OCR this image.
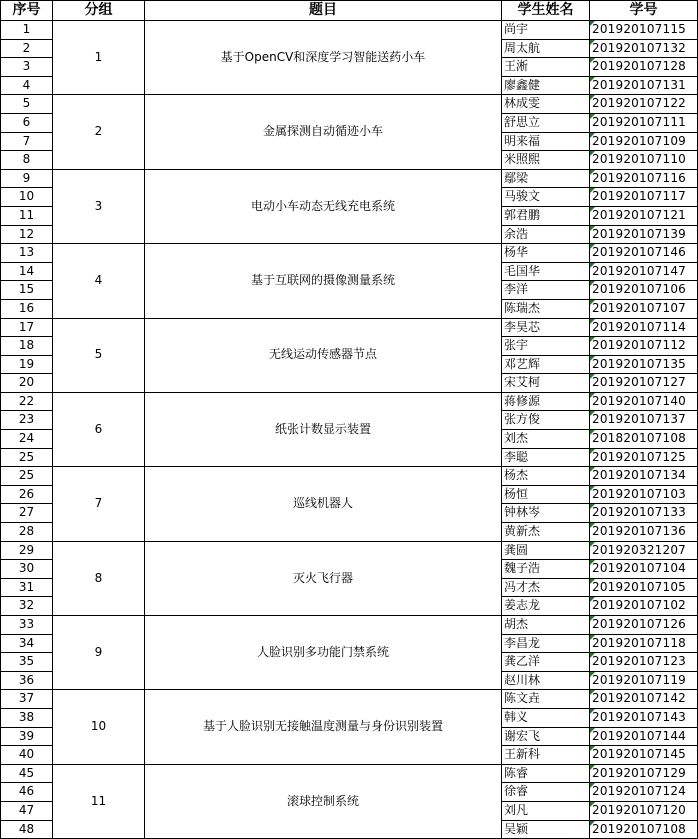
序号	分组	题目	学生姓名	学号
1	1	基于OpenCV和深度学习智能送药小车	尚宇	201920107115
2			周太航	201920107132
3			王淅	201920107128
4			廖鑫健	201920107131
5	2	金属探测自动循迹小车	林成雯	201920107122
6			舒思立	201920107111
7			明来福	201920107109
8			米照熙	201920107110
9	3	电动小车动态无线充电系统	鄢梁	201920107116
10			马骏文	201920107117
11			郭君鹏	201920107121
12			余浩	201920107139
13	4	基于互联网的摄像测量系统	杨华	201920107146
14			毛国华	201920107147
15			李洋	201920107106
16			陈瑞杰	201920107107
17	5	无线运动传感器节点	李昊芯	201920107114
18			张宇	201920107112
19			邓艺辉	201920107135
20			宋艾柯	201920107127
22	6	纸张计数显示装置	蒋修源	201920107140
23			张方俊	201920107137
24			刘杰	201820107108
25			李聪	201920107125
25	7	巡线机器人	杨杰	201920107134
26			杨恒	201920107103
27			钟林岑	201920107133
28			黄新杰	201920107136
29	8	灭火飞行器	龚圆	201920321207
30			魏子浩	201920107104
31			冯才杰	201920107105
32			姜志龙	201920107102
33	9	人脸识别多功能门禁系统	胡杰	201920107126
34			李昌龙	201920107118
35			龚乙洋	201920107123
36			赵川林	201920107119
37	10	基于人脸识别无接触温度测量与身份识别装置	陈文垚	201920107142
38			韩义	201920107143
39			谢宏飞	201920107144
40			王新科	201920107145
45	11	滚球控制系统	陈睿	201920107129
46			徐睿	201920107124
47			刘凡	201920107120
48			吴颖	201920107108
